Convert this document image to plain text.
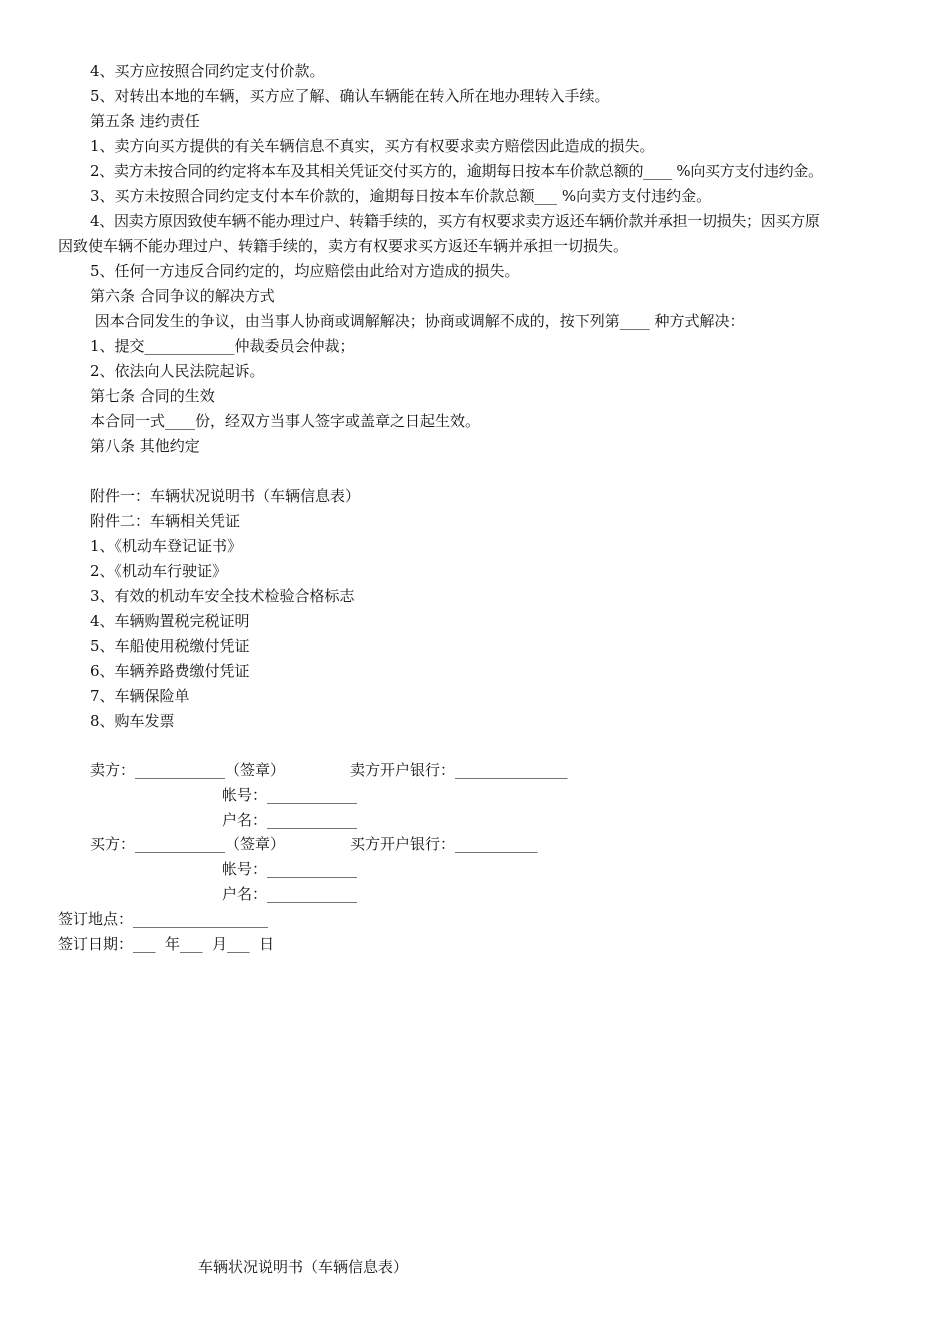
4、买方应按照合同约定支付价款。
5、对转出本地的车辆，买方应了解、确认车辆能在转入所在地办理转入手续。
第五条 违约责任
1、卖方向买方提供的有关车辆信息不真实，买方有权要求卖方赔偿因此造成的损失。
2、卖方未按合同的约定将本车及其相关凭证交付买方的，逾期每日按本车价款总额的____ %向买方支付违约金。
3、买方未按照合同约定支付本车价款的，逾期每日按本车价款总额___ %向卖方支付违约金。
4、因卖方原因致使车辆不能办理过户、转籍手续的，买方有权要求卖方返还车辆价款并承担一切损失；因买方原
因致使车辆不能办理过户、转籍手续的，卖方有权要求买方返还车辆并承担一切损失。
5、任何一方违反合同约定的，均应赔偿由此给对方造成的损失。
第六条 合同争议的解决方式
因本合同发生的争议，由当事人协商或调解解决；协商或调解不成的，按下列第____ 种方式解决：
1、提交____________仲裁委员会仲裁；
2、依法向人民法院起诉。
第七条 合同的生效
本合同一式____份，经双方当事人签字或盖章之日起生效。
第八条 其他约定
附件一：车辆状况说明书（车辆信息表）
附件二：车辆相关凭证
1、《机动车登记证书》
2、《机动车行驶证》
3、有效的机动车安全技术检验合格标志
4、车辆购置税完税证明
5、车船使用税缴付凭证
6、车辆养路费缴付凭证
7、车辆保险单
8、购车发票
卖方：____________（签章）	卖方开户银行：_______________
帐号：____________
户名：____________
买方：____________（签章）	买方开户银行：___________
帐号：____________
户名：____________
签订地点：__________________
签订日期：___  年___  月___  日
车辆状况说明书（车辆信息表）
